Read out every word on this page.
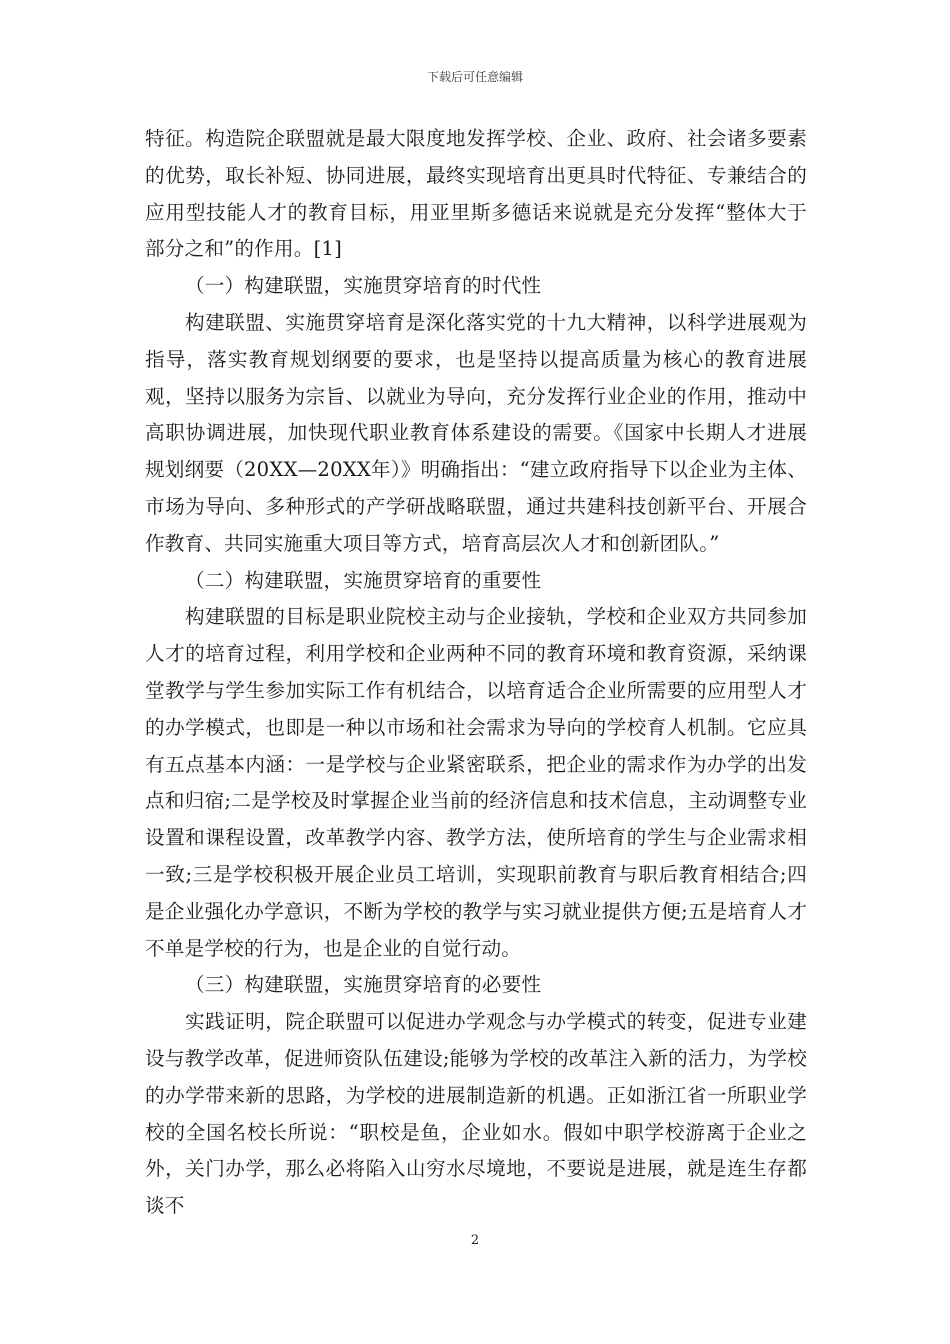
下载后可任意编辑

特征。构造院企联盟就是最大限度地发挥学校、企业、政府、社会诸多要素的优势，取长补短、协同进展，最终实现培育出更具时代特征、专兼结合的应用型技能人才的教育目标，用亚里斯多德话来说就是充分发挥“整体大于部分之和”的作用。[1]

（一）构建联盟，实施贯穿培育的时代性

构建联盟、实施贯穿培育是深化落实党的十九大精神，以科学进展观为指导，落实教育规划纲要的要求，也是坚持以提高质量为核心的教育进展观，坚持以服务为宗旨、以就业为导向，充分发挥行业企业的作用，推动中高职协调进展，加快现代职业教育体系建设的需要。《国家中长期人才进展规划纲要（20XX—20XX年）》明确指出：“建立政府指导下以企业为主体、市场为导向、多种形式的产学研战略联盟，通过共建科技创新平台、开展合作教育、共同实施重大项目等方式，培育高层次人才和创新团队。”

（二）构建联盟，实施贯穿培育的重要性

构建联盟的目标是职业院校主动与企业接轨，学校和企业双方共同参加人才的培育过程，利用学校和企业两种不同的教育环境和教育资源，采纳课堂教学与学生参加实际工作有机结合，以培育适合企业所需要的应用型人才的办学模式，也即是一种以市场和社会需求为导向的学校育人机制。它应具有五点基本内涵：一是学校与企业紧密联系，把企业的需求作为办学的出发点和归宿;二是学校及时掌握企业当前的经济信息和技术信息，主动调整专业设置和课程设置，改革教学内容、教学方法，使所培育的学生与企业需求相一致;三是学校积极开展企业员工培训，实现职前教育与职后教育相结合;四是企业强化办学意识，不断为学校的教学与实习就业提供方便;五是培育人才不单是学校的行为，也是企业的自觉行动。

（三）构建联盟，实施贯穿培育的必要性

实践证明，院企联盟可以促进办学观念与办学模式的转变，促进专业建设与教学改革，促进师资队伍建设;能够为学校的改革注入新的活力，为学校的办学带来新的思路，为学校的进展制造新的机遇。正如浙江省一所职业学校的全国名校长所说：“职校是鱼，企业如水。假如中职学校游离于企业之外，关门办学，那么必将陷入山穷水尽境地，不要说是进展，就是连生存都谈不

2
